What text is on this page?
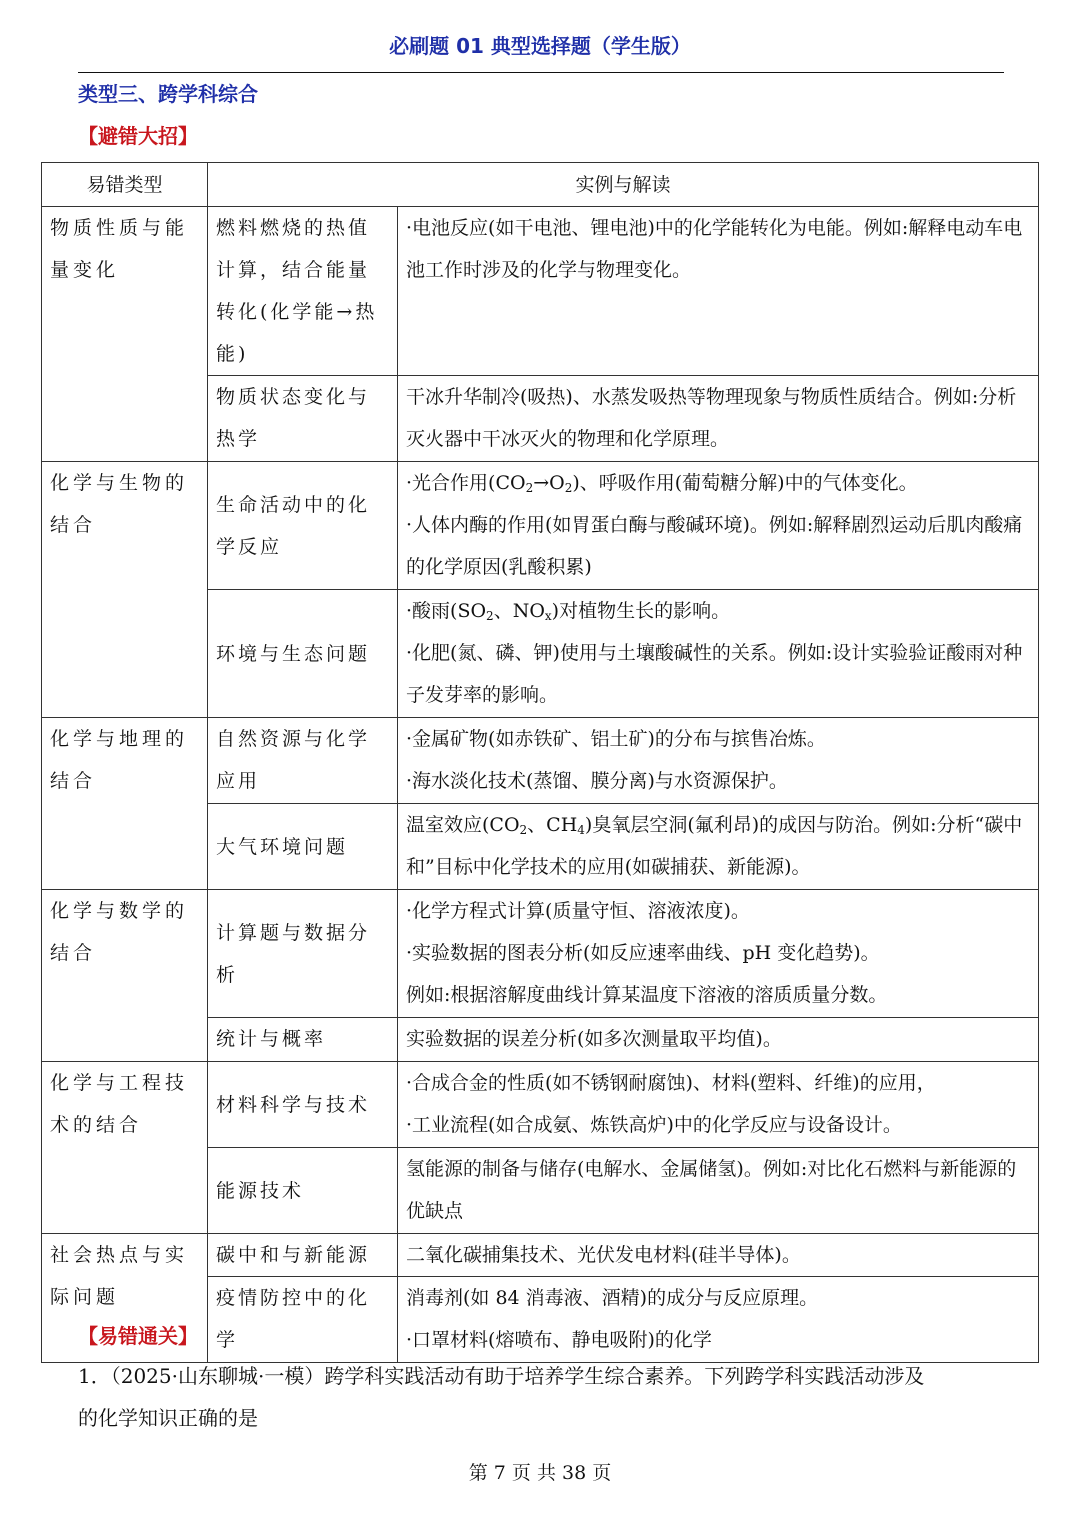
必刷题 01 典型选择题（学生版）
类型三、跨学科综合
【避错大招】
易错类型	实例与解读	
物质性质与能量变化	燃料燃烧的热值计算，结合能量转化(化学能→热能)	·电池反应(如干电池、锂电池)中的化学能转化为电能。例如:解释电动车电池工作时涉及的化学与物理变化。

	物质状态变化与热学	干冰升华制冷(吸热)、水蒸发吸热等物理现象与物质性质结合。例如:分析灭火器中干冰灭火的物理和化学原理。

化学与生物的结合	生命活动中的化学反应	·光合作用$(CO_2\to O_2)$、呼吸作用(葡萄糖分解)中的气体变化。

·人体内酶的作用(如胃蛋白酶与酸碱环境)。例如:解释剧烈运动后肌肉酸痛的化学原因(乳酸积累)

	环境与生态问题	·酸雨($SO_2$、$NO_x$)对植物生长的影响。

·化肥(氮、磷、钾)使用与土壤酸碱性的关系。例如:设计实验验证酸雨对种子发芽率的影响。

化学与地理的结合	自然资源与化学应用	·金属矿物(如赤铁矿、铝土矿)的分布与摈售冶炼。

·海水淡化技术(蒸馏、膜分离)与水资源保护。

	大气环境问题	温室效应($CO_2$、$CH_4$)臭氧层空洞(氟利昂)的成因与防治。例如:分析“碳中和”目标中化学技术的应用(如碳捕获、新能源)。

化学与数学的结合	计算题与数据分析	·化学方程式计算(质量守恒、溶液浓度)。

·实验数据的图表分析(如反应速率曲线、pH 变化趋势)。

例如:根据溶解度曲线计算某温度下溶液的溶质质量分数。

	统计与概率	实验数据的误差分析(如多次测量取平均值)。

化学与工程技术的结合	材料科学与技术	·合成合金的性质(如不锈钢耐腐蚀)、材料(塑料、纤维)的应用，

·工业流程(如合成氨、炼铁高炉)中的化学反应与设备设计。

	能源技术	氢能源的制备与储存(电解水、金属储氢)。例如:对比化石燃料与新能源的优缺点

社会热点与实际问题	碳中和与新能源	二氧化碳捕集技术、光伏发电材料(硅半导体)。

	疫情防控中的化学	消毒剂(如 84 消毒液、酒精)的成分与反应原理。

·口罩材料(熔喷布、静电吸附)的化学

【易错通关】

1．（2025·山东聊城·一模）跨学科实践活动有助于培养学生综合素养。下列跨学科实践活动涉及

的化学知识正确的是

第 7 页 共 38 页
